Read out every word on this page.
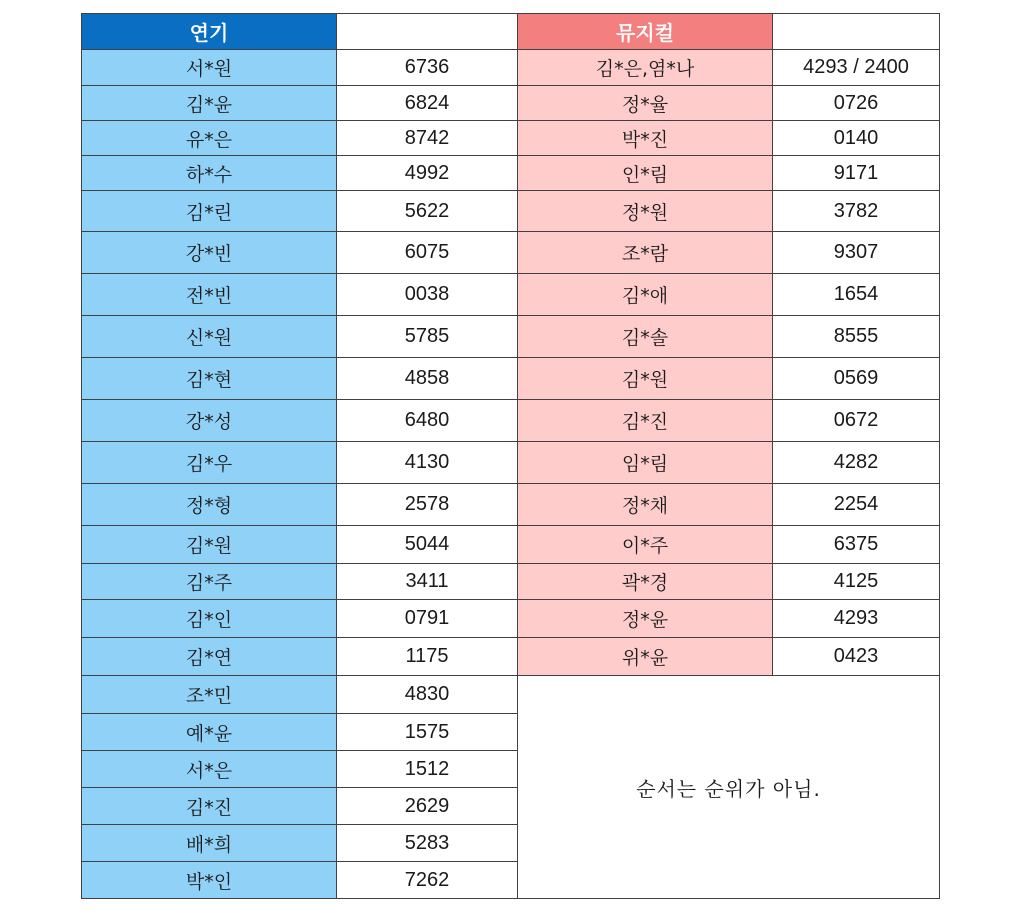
연기		뮤지컬	
서*원	6736	김*은,염*나	4293 / 2400
김*윤	6824	정*율	0726
유*은	8742	박*진	0140
하*수	4992	인*림	9171
김*린	5622	정*원	3782
강*빈	6075	조*람	9307
전*빈	0038	김*애	1654
신*원	5785	김*솔	8555
김*현	4858	김*원	0569
강*성	6480	김*진	0672
김*우	4130	임*림	4282
정*형	2578	정*채	2254
김*원	5044	이*주	6375
김*주	3411	곽*경	4125
김*인	0791	정*윤	4293
김*연	1175	위*윤	0423
조*민	4830	순서는 순위가 아님.	
예*윤	1575		
서*은	1512		
김*진	2629		
배*희	5283		
박*인	7262		
